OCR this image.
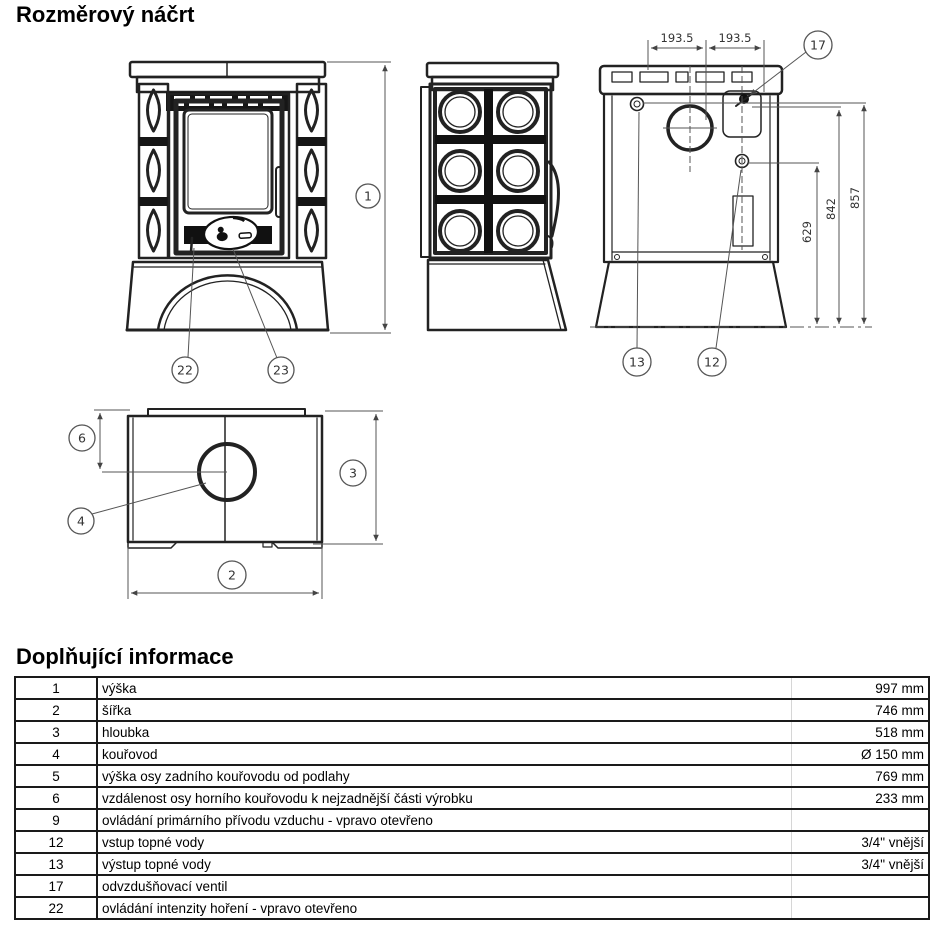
Rozměrový náčrt
1
22	23
193.5 193.5
629
842
857
17
13	12
6
4
3
2
Doplňující informace
1	výška	997 mm
2	šířka	746 mm
3	hloubka	518 mm
4	kouřovod	Ø 150 mm
5	výška osy zadního kouřovodu od podlahy	769 mm
6	vzdálenost osy horního kouřovodu k nejzadnější části výrobku	233 mm
9	ovládání primárního přívodu vzduchu - vpravo otevřeno	
12	vstup topné vody	3/4" vnější
13	výstup topné vody	3/4" vnější
17	odvzdušňovací ventil	
22	ovládání intenzity hoření - vpravo otevřeno	
